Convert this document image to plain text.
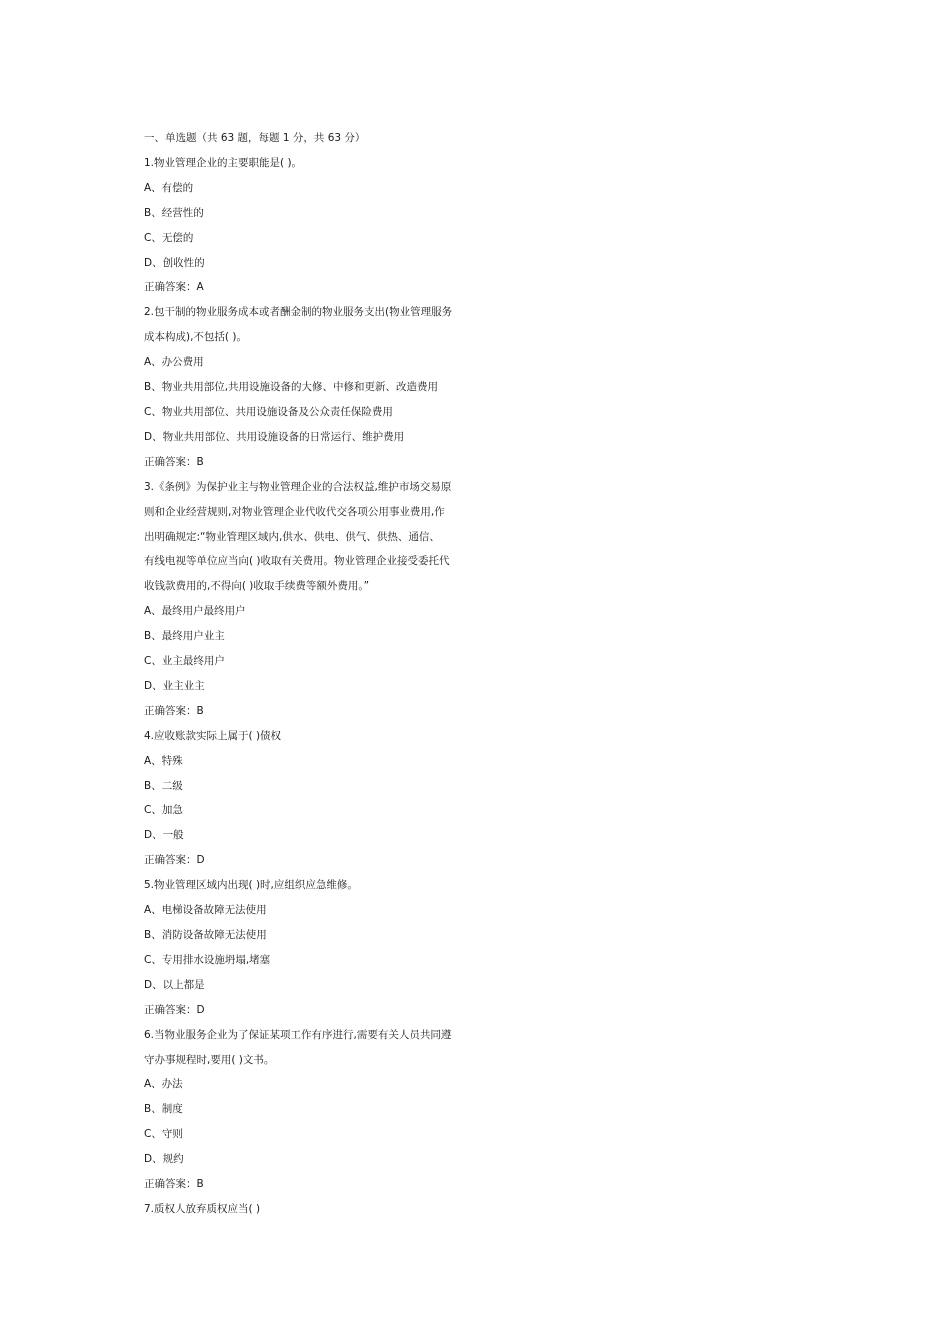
一、单选题（共 63 题，每题 1 分，共 63 分）
1.物业管理企业的主要职能是( )。
A、有偿的
B、经营性的
C、无偿的
D、创收性的
正确答案：A
2.包干制的物业服务成本或者酬金制的物业服务支出(物业管理服务
成本构成),不包括( )。
A、办公费用
B、物业共用部位,共用设施设备的大修、中修和更新、改造费用
C、物业共用部位、共用设施设备及公众责任保险费用
D、物业共用部位、共用设施设备的日常运行、维护费用
正确答案：B
3.《条例》为保护业主与物业管理企业的合法权益,维护市场交易原
则和企业经营规则,对物业管理企业代收代交各项公用事业费用,作
出明确规定:“物业管理区域内,供水、供电、供气、供热、通信、
有线电视等单位应当向( )收取有关费用。物业管理企业接受委托代
收钱款费用的,不得向( )收取手续费等额外费用。”
A、最终用户最终用户
B、最终用户业主
C、业主最终用户
D、业主业主
正确答案：B
4.应收账款实际上属于( )债权
A、特殊
B、二级
C、加急
D、一般
正确答案：D
5.物业管理区域内出现( )时,应组织应急维修。
A、电梯设备故障无法使用
B、消防设备故障无法使用
C、专用排水设施坍塌,堵塞
D、以上都是
正确答案：D
6.当物业服务企业为了保证某项工作有序进行,需要有关人员共同遵
守办事规程时,要用( )文书。
A、办法
B、制度
C、守则
D、规约
正确答案：B
7.质权人放弃质权应当( )
